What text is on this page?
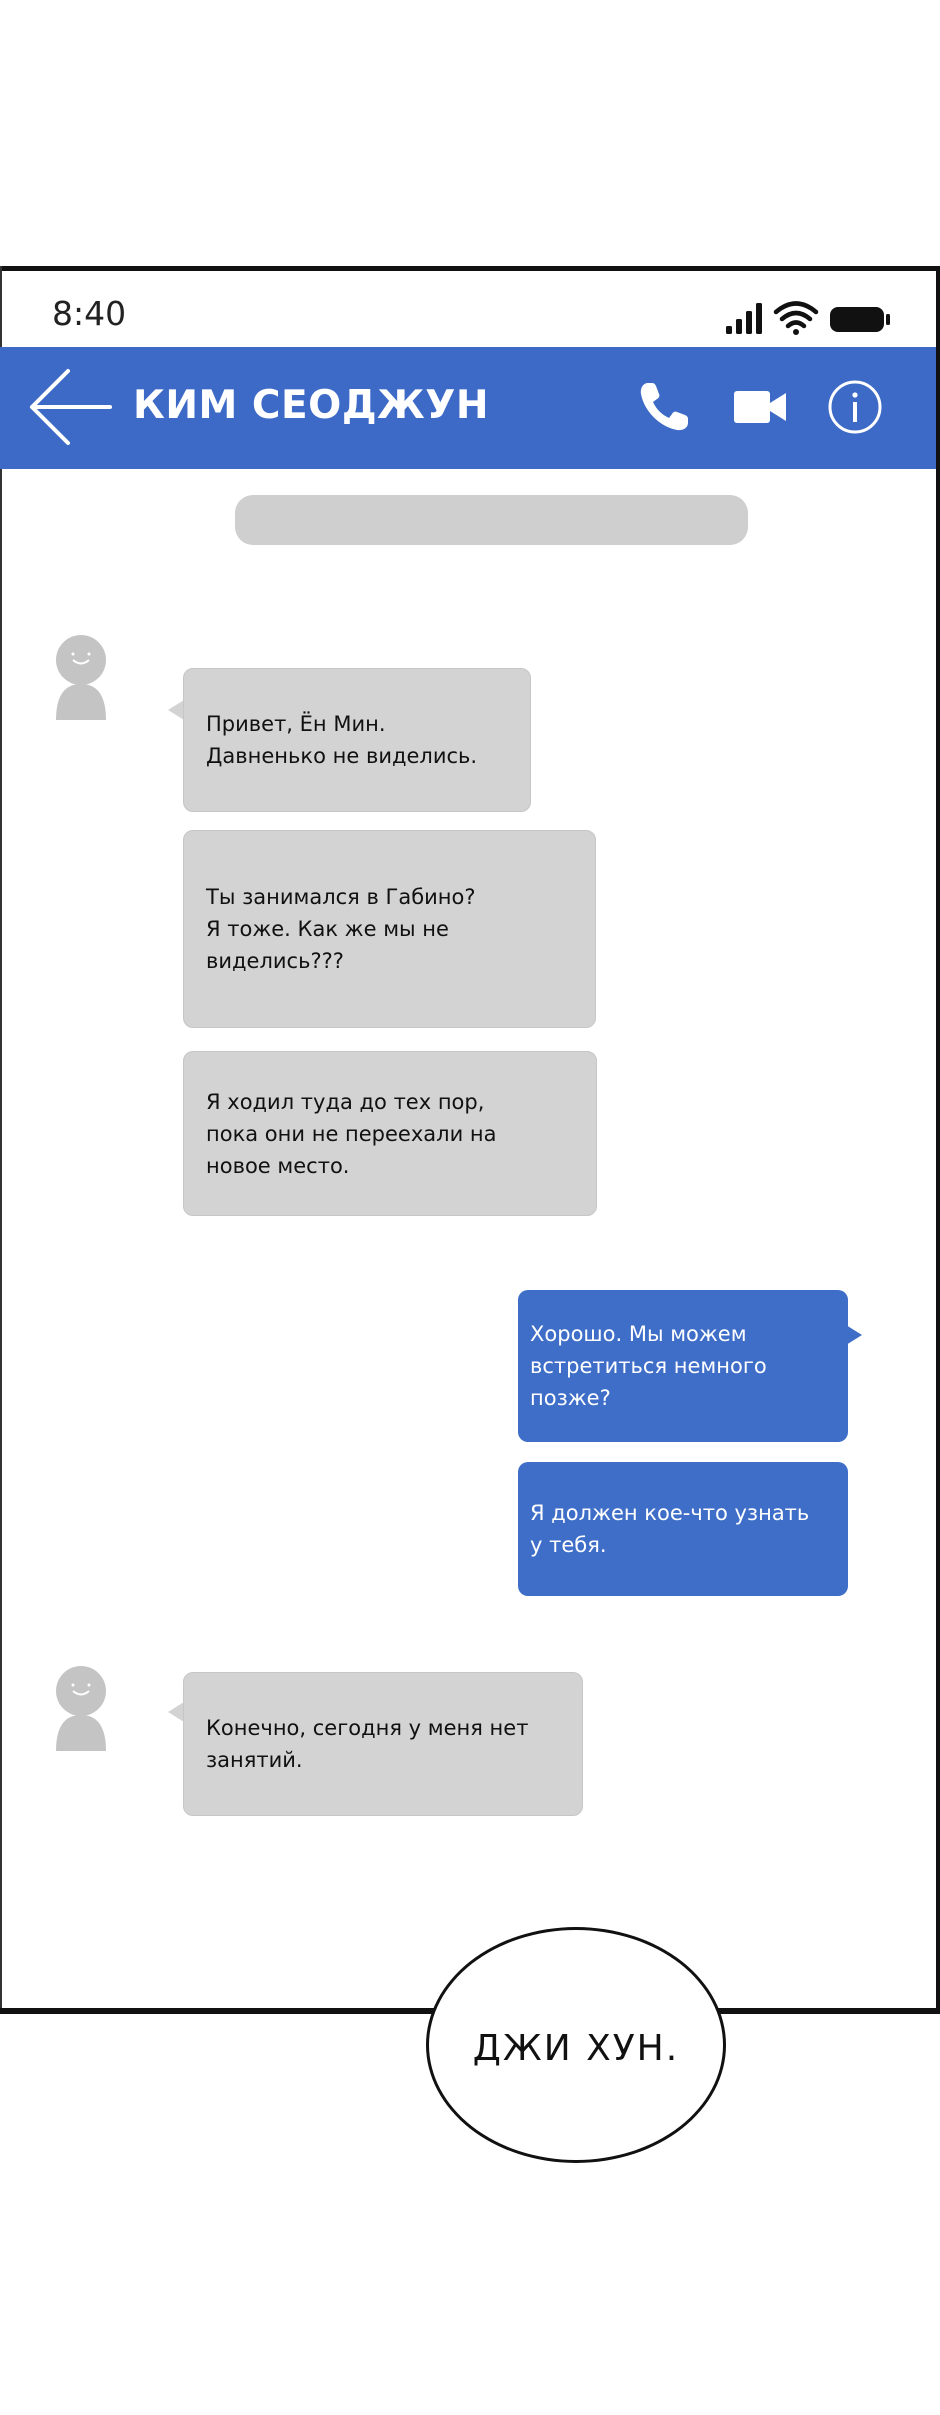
8:40
КИМ СЕОДЖУН
Привет, Ён Мин.
Давненько не виделись.
Ты занимался в Габино?
Я тоже. Как же мы не
виделись???
Я ходил туда до тех пор,
пока они не переехали на
новое место.
Хорошо. Мы можем
встретиться немного позже?
Я должен кое-что узнать
у тебя.
Конечно, сегодня у меня нет
занятий.
ДЖИ ХУН.
